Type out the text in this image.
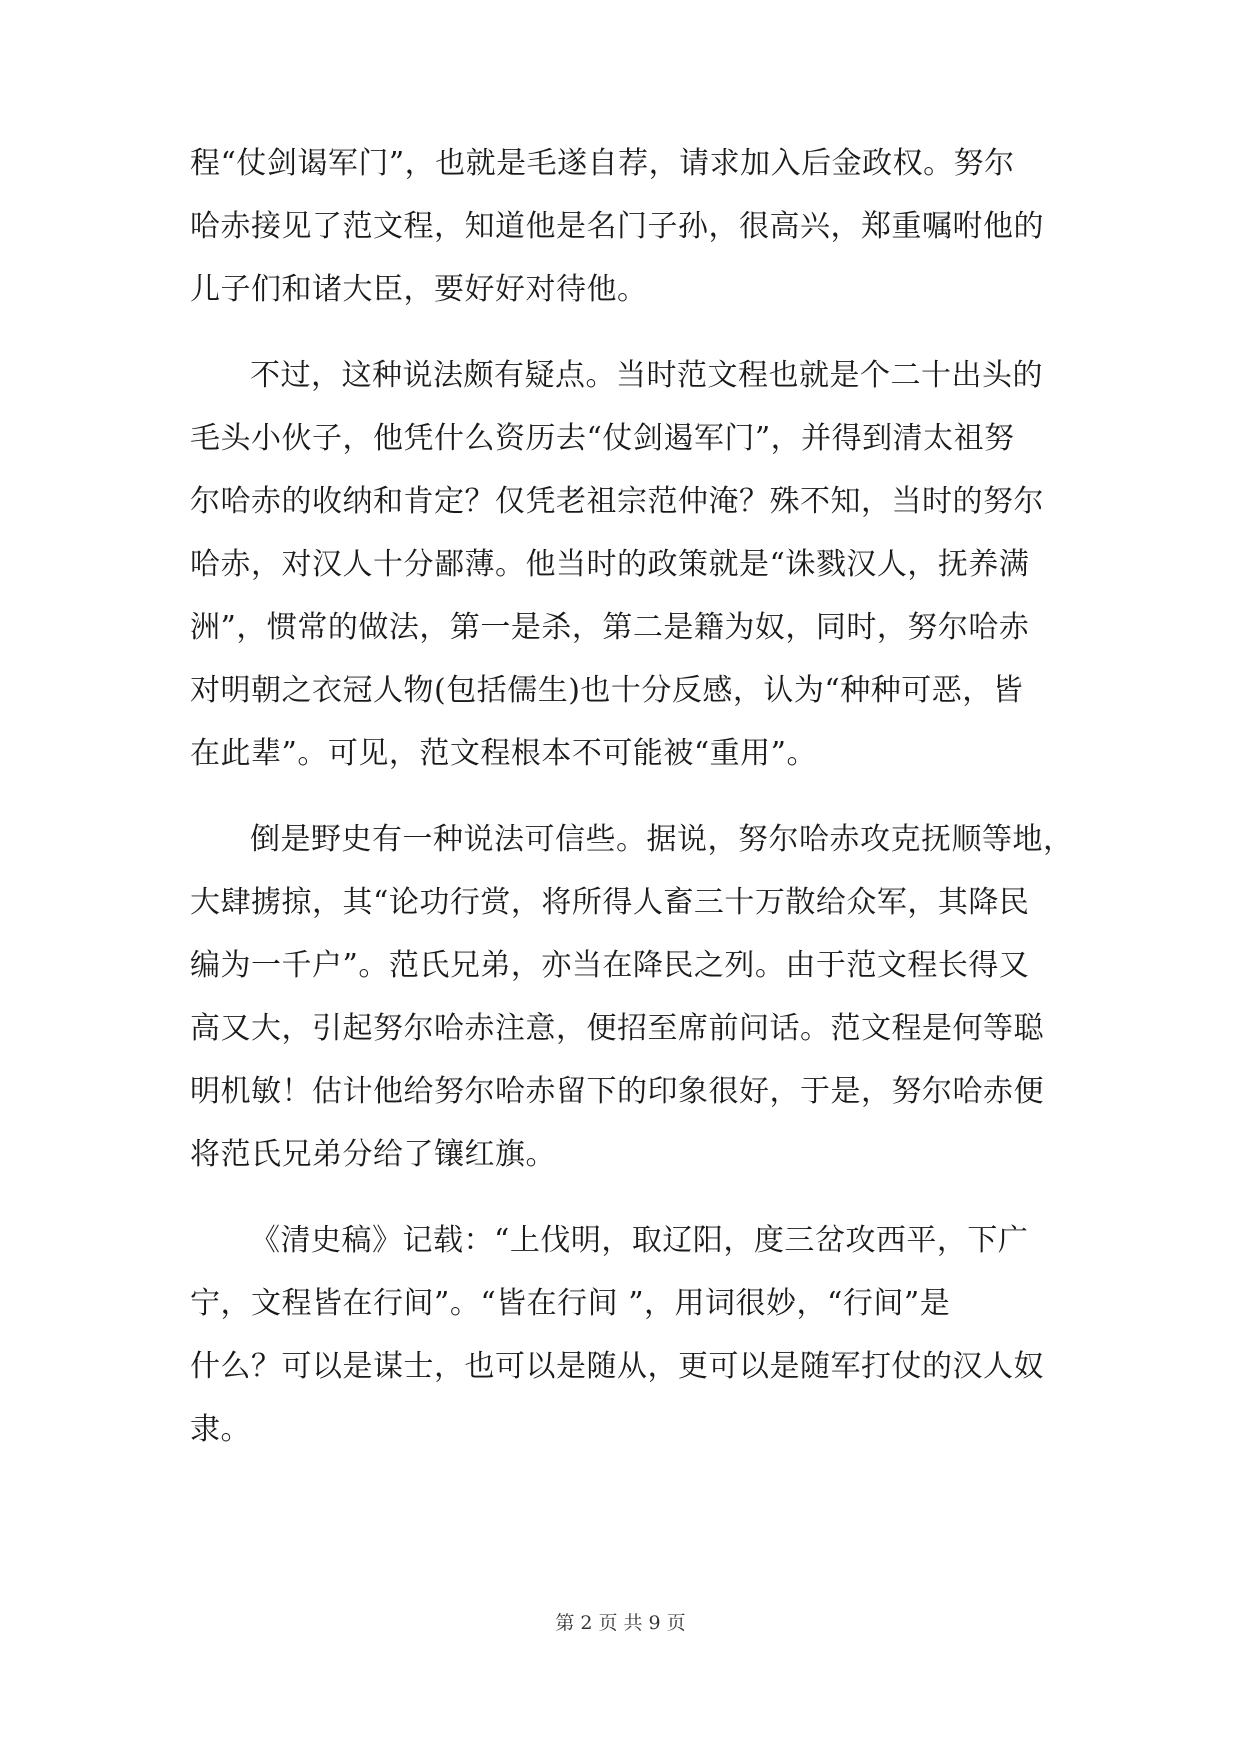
程“仗剑谒军门”，也就是毛遂自荐，请求加入后金政权。努尔
哈赤接见了范文程，知道他是名门子孙，很高兴，郑重嘱咐他的
儿子们和诸大臣，要好好对待他。
不过，这种说法颇有疑点。当时范文程也就是个二十出头的
毛头小伙子，他凭什么资历去“仗剑遏军门”，并得到清太祖努
尔哈赤的收纳和肯定？仅凭老祖宗范仲淹？殊不知，当时的努尔
哈赤，对汉人十分鄙薄。他当时的政策就是“诛戮汉人，抚养满
洲”，惯常的做法，第一是杀，第二是籍为奴，同时，努尔哈赤
对明朝之衣冠人物(包括儒生)也十分反感，认为“种种可恶，皆
在此辈”。可见，范文程根本不可能被“重用”。
倒是野史有一种说法可信些。据说，努尔哈赤攻克抚顺等地，
大肆掳掠，其“论功行赏，将所得人畜三十万散给众军，其降民
编为一千户”。范氏兄弟，亦当在降民之列。由于范文程长得又
高又大，引起努尔哈赤注意，便招至席前问话。范文程是何等聪
明机敏！估计他给努尔哈赤留下的印象很好，于是，努尔哈赤便
将范氏兄弟分给了镶红旗。
《清史稿》记载：“上伐明，取辽阳，度三岔攻西平，下广
宁，文程皆在行间”。“皆在行间 ”，用词很妙，“行间”是
什么？可以是谋士，也可以是随从，更可以是随军打仗的汉人奴
隶。
第 2 页 共 9 页
